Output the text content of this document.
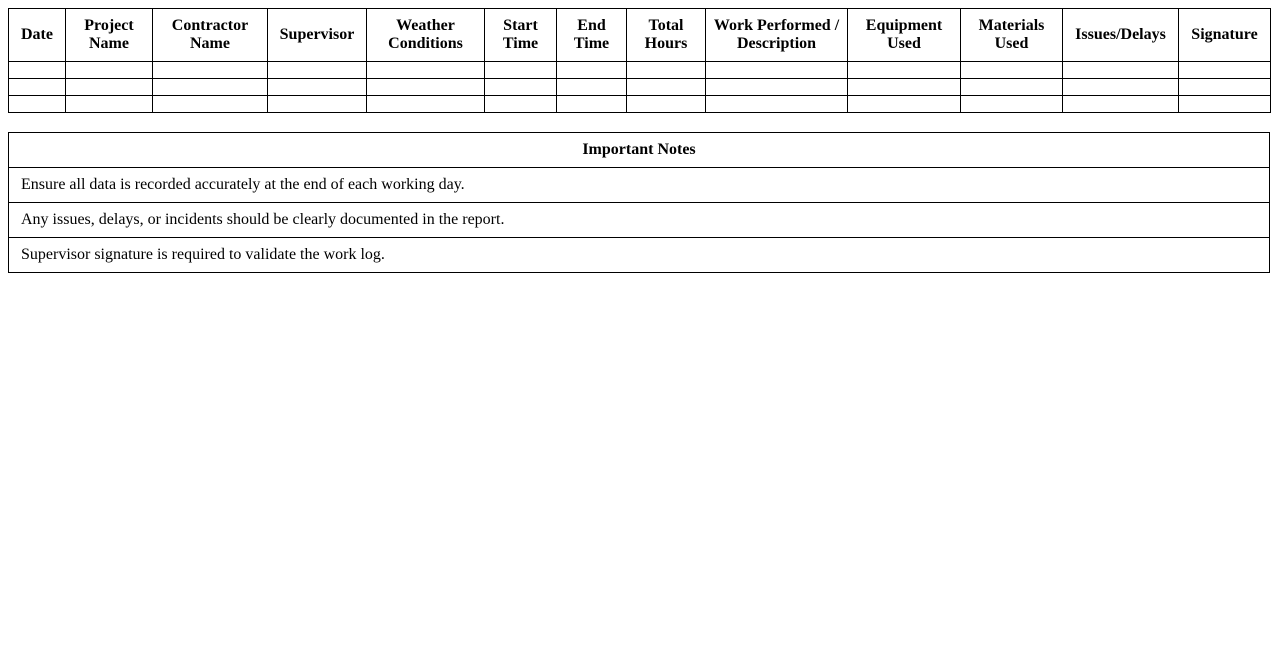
Date	Project Name	Contractor Name	Supervisor	Weather Conditions	Start Time	End Time	Total Hours	Work Performed / Description	Equipment Used	Materials Used	Issues/Delays	Signature

Important Notes
Ensure all data is recorded accurately at the end of each working day.
Any issues, delays, or incidents should be clearly documented in the report.
Supervisor signature is required to validate the work log.
